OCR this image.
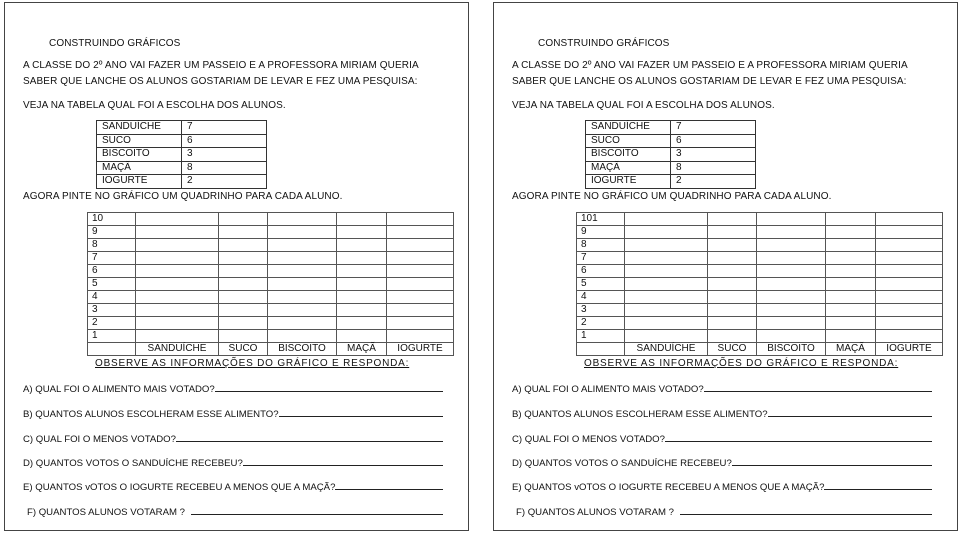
CONSTRUINDO GRÁFICOS
A CLASSE DO 2º ANO VAI FAZER UM PASSEIO E A PROFESSORA MIRIAM QUERIA
SABER QUE LANCHE OS ALUNOS GOSTARIAM DE LEVAR E FEZ UMA PESQUISA:
VEJA NA TABELA QUAL FOI A ESCOLHA DOS ALUNOS.
SANDUÍCHE	7
SUCO	6
BISCOITO	3
MAÇÃ	8
IOGURTE	2
AGORA PINTE NO GRÁFICO UM QUADRINHO PARA CADA ALUNO.
10					
9					
8					
7					
6					
5					
4					
3					
2					
1					
	SANDUÍCHE	SUCO	BISCOITO	MAÇÃ	IOGURTE
OBSERVE AS INFORMAÇÕES DO GRÁFICO E RESPONDA:
A) QUAL FOI O ALIMENTO MAIS VOTADO?
B) QUANTOS ALUNOS ESCOLHERAM ESSE ALIMENTO?
C) QUAL FOI O MENOS VOTADO?
D) QUANTOS VOTOS O SANDUÍCHE RECEBEU?
E) QUANTOS vOTOS O IOGURTE RECEBEU A MENOS QUE A MAÇÃ?
F) QUANTOS ALUNOS VOTARAM ?
CONSTRUINDO GRÁFICOS
A CLASSE DO 2º ANO VAI FAZER UM PASSEIO E A PROFESSORA MIRIAM QUERIA
SABER QUE LANCHE OS ALUNOS GOSTARIAM DE LEVAR E FEZ UMA PESQUISA:
VEJA NA TABELA QUAL FOI A ESCOLHA DOS ALUNOS.
SANDUÍCHE	7
SUCO	6
BISCOITO	3
MAÇÃ	8
IOGURTE	2
AGORA PINTE NO GRÁFICO UM QUADRINHO PARA CADA ALUNO.
101					
9					
8					
7					
6					
5					
4					
3					
2					
1					
	SANDUÍCHE	SUCO	BISCOITO	MAÇÃ	IOGURTE
OBSERVE AS INFORMAÇÕES DO GRÁFICO E RESPONDA:
A) QUAL FOI O ALIMENTO MAIS VOTADO?
B) QUANTOS ALUNOS ESCOLHERAM ESSE ALIMENTO?
C) QUAL FOI O MENOS VOTADO?
D) QUANTOS VOTOS O SANDUÍCHE RECEBEU?
E) QUANTOS vOTOS O IOGURTE RECEBEU A MENOS QUE A MAÇÃ?
F) QUANTOS ALUNOS VOTARAM ?
